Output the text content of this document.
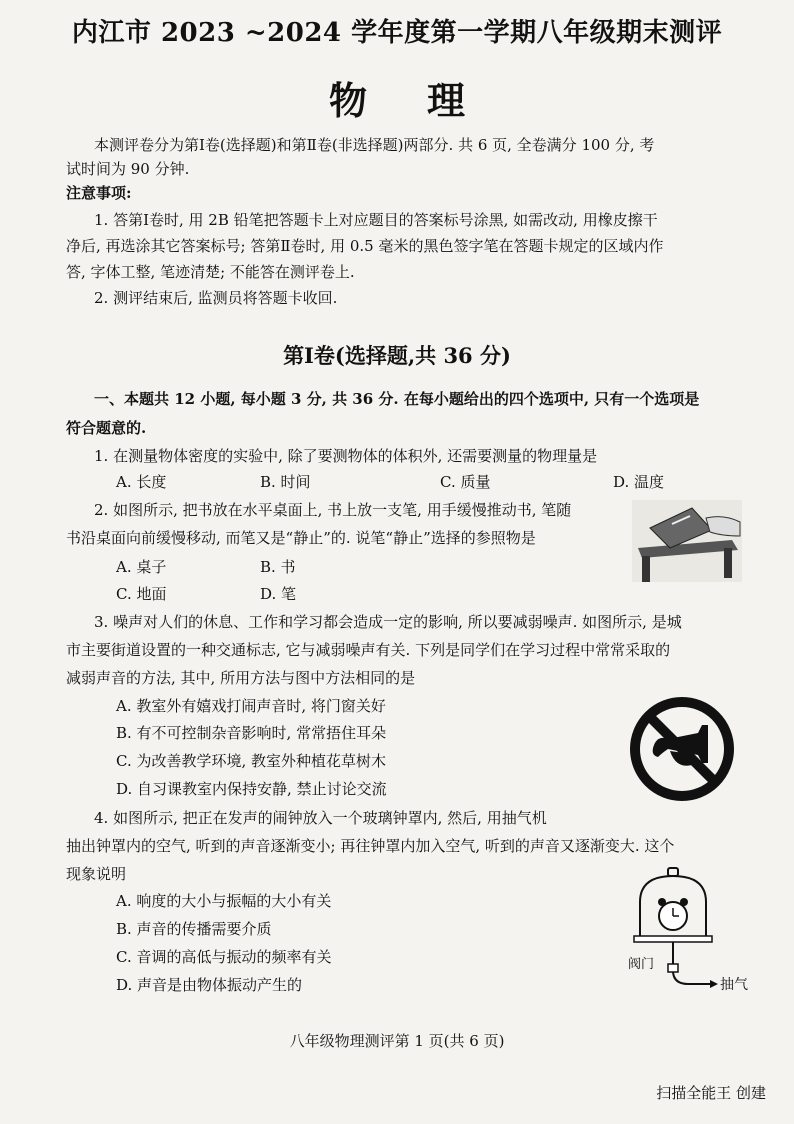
内江市 2023 ~2024 学年度第一学期八年级期末测评
物理
本测评卷分为第Ⅰ卷(选择题)和第Ⅱ卷(非选择题)两部分. 共 6 页, 全卷满分 100 分, 考
试时间为 90 分钟.
注意事项:
1. 答第Ⅰ卷时, 用 2B 铅笔把答题卡上对应题目的答案标号涂黑, 如需改动, 用橡皮擦干
净后, 再选涂其它答案标号; 答第Ⅱ卷时, 用 0.5 毫米的黑色签字笔在答题卡规定的区域内作
答, 字体工整, 笔迹清楚; 不能答在测评卷上.
2. 测评结束后, 监测员将答题卡收回.
第Ⅰ卷(选择题,共 36 分)
一、本题共 12 小题, 每小题 3 分, 共 36 分. 在每小题给出的四个选项中, 只有一个选项是
符合题意的.
1. 在测量物体密度的实验中, 除了要测物体的体积外, 还需要测量的物理量是
A. 长度	B. 时间	C. 质量	D. 温度
2. 如图所示, 把书放在水平桌面上, 书上放一支笔, 用手缓慢推动书, 笔随
书沿桌面向前缓慢移动, 而笔又是“静止”的. 说笔“静止”选择的参照物是
A. 桌子	B. 书
C. 地面	D. 笔
3. 噪声对人们的休息、工作和学习都会造成一定的影响, 所以要减弱噪声. 如图所示, 是城
市主要街道设置的一种交通标志, 它与减弱噪声有关. 下列是同学们在学习过程中常常采取的
减弱声音的方法, 其中, 所用方法与图中方法相同的是
A. 教室外有嬉戏打闹声音时, 将门窗关好
B. 有不可控制杂音影响时, 常常捂住耳朵
C. 为改善教学环境, 教室外种植花草树木
D. 自习课教室内保持安静, 禁止讨论交流
4. 如图所示, 把正在发声的闹钟放入一个玻璃钟罩内, 然后, 用抽气机
抽出钟罩内的空气, 听到的声音逐渐变小; 再往钟罩内加入空气, 听到的声音又逐渐变大. 这个
现象说明
A. 响度的大小与振幅的大小有关
B. 声音的传播需要介质
C. 音调的高低与振动的频率有关
D. 声音是由物体振动产生的
阀门
抽气
八年级物理测评第 1 页(共 6 页)
扫描全能王 创建
